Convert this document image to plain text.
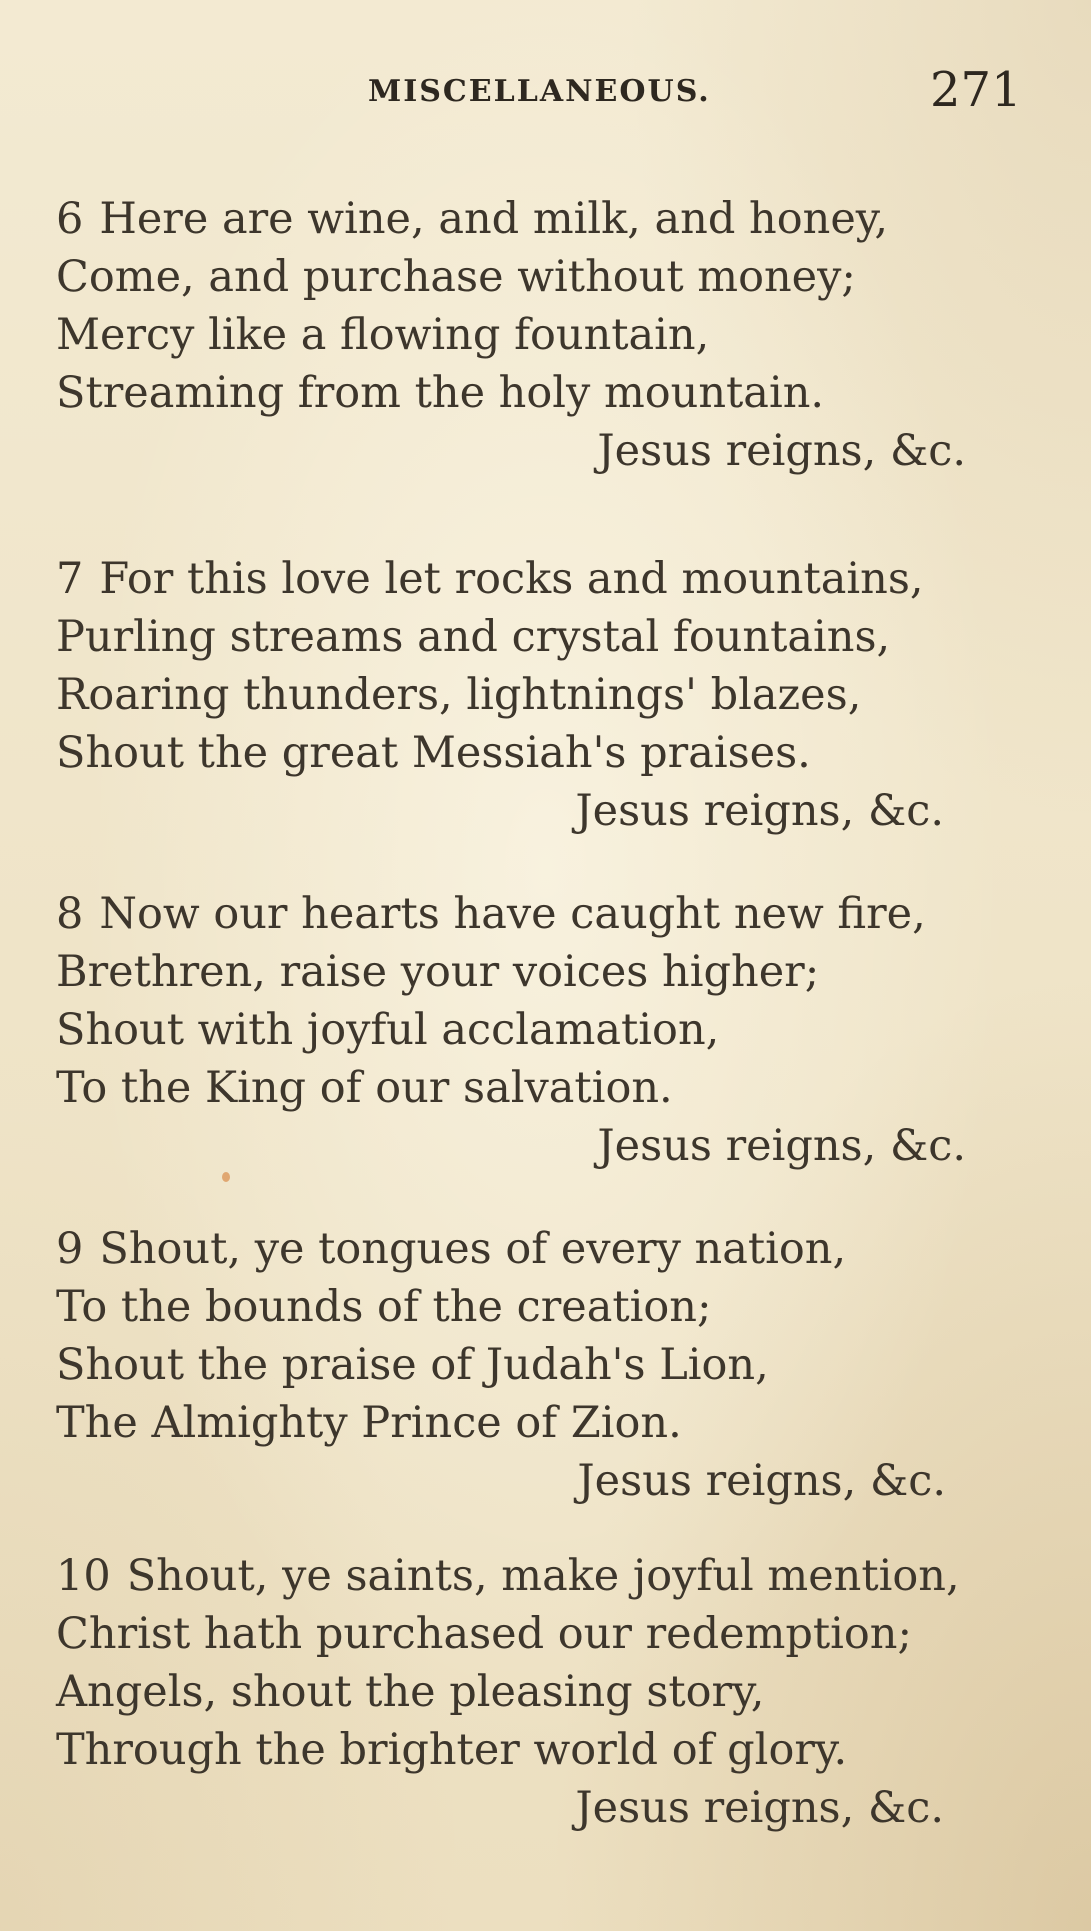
MISCELLANEOUS.	271
6 Here are wine, and milk, and honey,
Come, and purchase without money;
Mercy like a flowing fountain,
Streaming from the holy mountain.
Jesus reigns, &c.
7 For this love let rocks and mountains,
Purling streams and crystal fountains,
Roaring thunders, lightnings' blazes,
Shout the great Messiah's praises.
Jesus reigns, &c.
8 Now our hearts have caught new fire,
Brethren, raise your voices higher;
Shout with joyful acclamation,
To the King of our salvation.
Jesus reigns, &c.
9 Shout, ye tongues of every nation,
To the bounds of the creation;
Shout the praise of Judah's Lion,
The Almighty Prince of Zion.
Jesus reigns, &c.
10 Shout, ye saints, make joyful mention,
Christ hath purchased our redemption;
Angels, shout the pleasing story,
Through the brighter world of glory.
Jesus reigns, &c.
